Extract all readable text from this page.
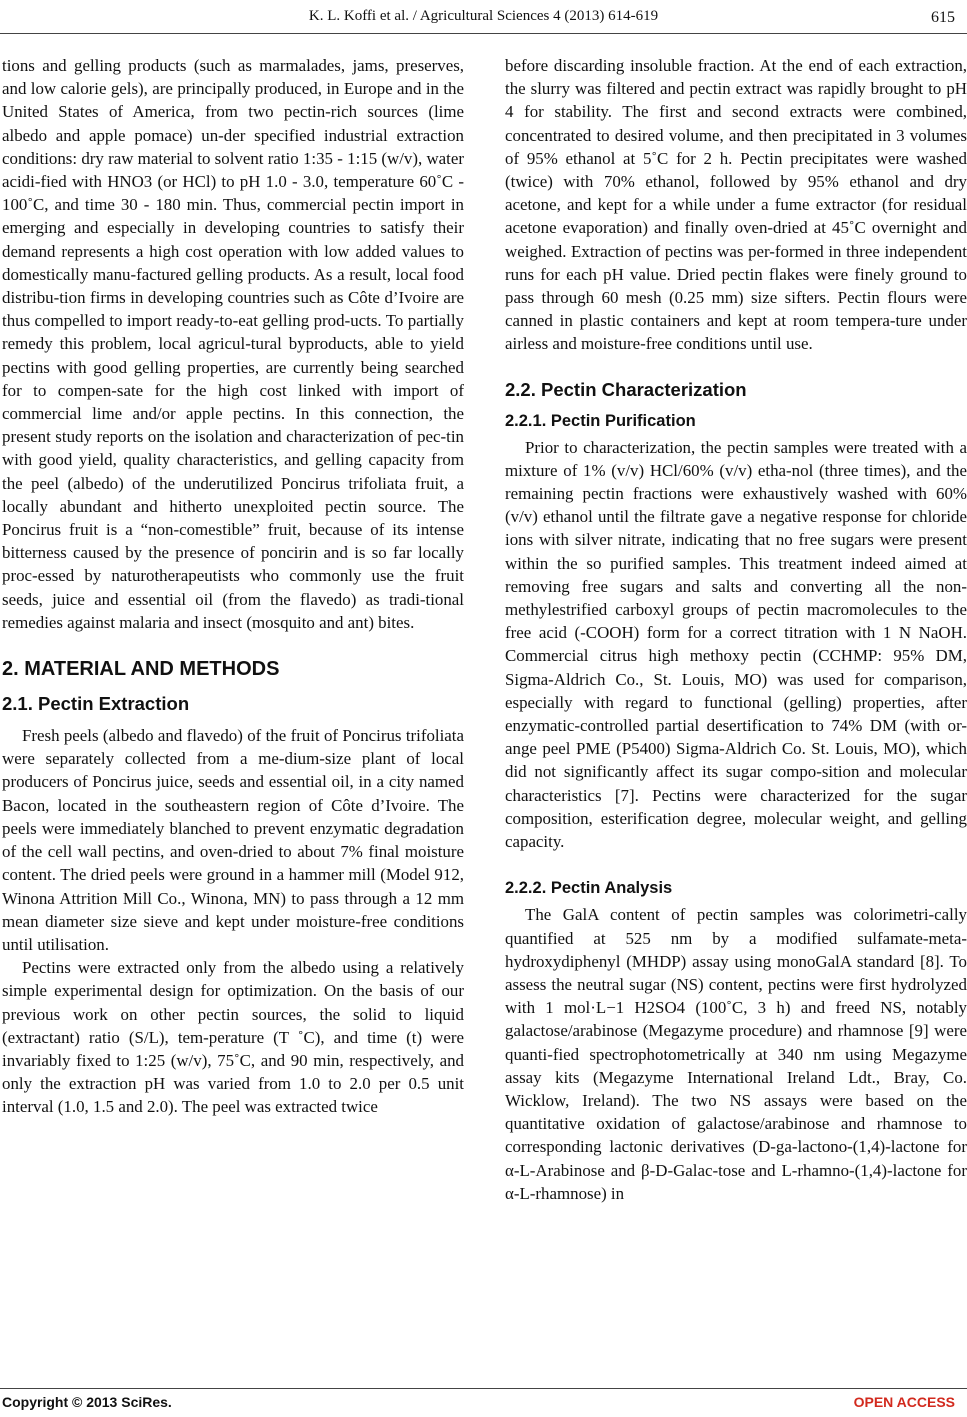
K. L. Koffi et al. / Agricultural Sciences 4 (2013) 614-619	615

tions and gelling products (such as marmalades, jams, preserves, and low calorie gels), are principally produced, in Europe and in the United States of America, from two pectin-rich sources (lime albedo and apple pomace) un-der specified industrial extraction conditions: dry raw material to solvent ratio 1:35 - 1:15 (w/v), water acidi-fied with HNO3 (or HCl) to pH 1.0 - 3.0, temperature 60˚C - 100˚C, and time 30 - 180 min. Thus, commercial pectin import in emerging and especially in developing countries to satisfy their demand represents a high cost operation with low added values to domestically manu-factured gelling products. As a result, local food distribu-tion firms in developing countries such as Côte d’Ivoire are thus compelled to import ready-to-eat gelling prod-ucts. To partially remedy this problem, local agricul-tural byproducts, able to yield pectins with good gelling properties, are currently being searched for to compen-sate for the high cost linked with import of commercial lime and/or apple pectins. In this connection, the present study reports on the isolation and characterization of pec-tin with good yield, quality characteristics, and gelling capacity from the peel (albedo) of the underutilized Poncirus trifoliata fruit, a locally abundant and hitherto unexploited pectin source. The Poncirus fruit is a “non-comestible” fruit, because of its intense bitterness caused by the presence of poncirin and is so far locally proc-essed by naturotherapeutists who commonly use the fruit seeds, juice and essential oil (from the flavedo) as tradi-tional remedies against malaria and insect (mosquito and ant) bites.

2. MATERIAL AND METHODS
2.1. Pectin Extraction

Fresh peels (albedo and flavedo) of the fruit of Poncirus trifoliata were separately collected from a me-dium-size plant of local producers of Poncirus juice, seeds and essential oil, in a city named Bacon, located in the southeastern region of Côte d’Ivoire. The peels were immediately blanched to prevent enzymatic degradation of the cell wall pectins, and oven-dried to about 7% final moisture content. The dried peels were ground in a hammer mill (Model 912, Winona Attrition Mill Co., Winona, MN) to pass through a 12 mm mean diameter size sieve and kept under moisture-free conditions until utilisation.

Pectins were extracted only from the albedo using a relatively simple experimental design for optimization. On the basis of our previous work on other pectin sources, the solid to liquid (extractant) ratio (S/L), tem-perature (T ˚C), and time (t) were invariably fixed to 1:25 (w/v), 75˚C, and 90 min, respectively, and only the extraction pH was varied from 1.0 to 2.0 per 0.5 unit interval (1.0, 1.5 and 2.0). The peel was extracted twice

before discarding insoluble fraction. At the end of each extraction, the slurry was filtered and pectin extract was rapidly brought to pH 4 for stability. The first and second extracts were combined, concentrated to desired volume, and then precipitated in 3 volumes of 95% ethanol at 5˚C for 2 h. Pectin precipitates were washed (twice) with 70% ethanol, followed by 95% ethanol and dry acetone, and kept for a while under a fume extractor (for residual acetone evaporation) and finally oven-dried at 45˚C overnight and weighed. Extraction of pectins was per-formed in three independent runs for each pH value. Dried pectin flakes were finely ground to pass through 60 mesh (0.25 mm) size sifters. Pectin flours were canned in plastic containers and kept at room tempera-ture under airless and moisture-free conditions until use.

2.2. Pectin Characterization
2.2.1. Pectin Purification

Prior to characterization, the pectin samples were treated with a mixture of 1% (v/v) HCl/60% (v/v) etha-nol (three times), and the remaining pectin fractions were exhaustively washed with 60% (v/v) ethanol until the filtrate gave a negative response for chloride ions with silver nitrate, indicating that no free sugars were present within the so purified samples. This treatment indeed aimed at removing free sugars and salts and converting all the non-methylestrified carboxyl groups of pectin macromolecules to the free acid (-COOH) form for a correct titration with 1 N NaOH. Commercial citrus high methoxy pectin (CCHMP: 95% DM, Sigma-Aldrich Co., St. Louis, MO) was used for comparison, especially with regard to functional (gelling) properties, after enzymatic-controlled partial desertification to 74% DM (with or-ange peel PME (P5400) Sigma-Aldrich Co. St. Louis, MO), which did not significantly affect its sugar compo-sition and molecular characteristics [7]. Pectins were characterized for the sugar composition, esterification degree, molecular weight, and gelling capacity.

2.2.2. Pectin Analysis

The GalA content of pectin samples was colorimetri-cally quantified at 525 nm by a modified sulfamate-meta-hydroxydiphenyl (MHDP) assay using monoGalA standard [8]. To assess the neutral sugar (NS) content, pectins were first hydrolyzed with 1 mol·L−1 H2SO4 (100˚C, 3 h) and freed NS, notably galactose/arabinose (Megazyme procedure) and rhamnose [9] were quanti-fied spectrophotometrically at 340 nm using Megazyme assay kits (Megazyme International Ireland Ldt., Bray, Co. Wicklow, Ireland). The two NS assays were based on the quantitative oxidation of galactose/arabinose and rhamnose to corresponding lactonic derivatives (D-ga-lactono-(1,4)-lactone for α-L-Arabinose and β-D-Galac-tose and L-rhamno-(1,4)-lactone for α-L-rhamnose) in

Copyright © 2013 SciRes.	OPEN ACCESS
